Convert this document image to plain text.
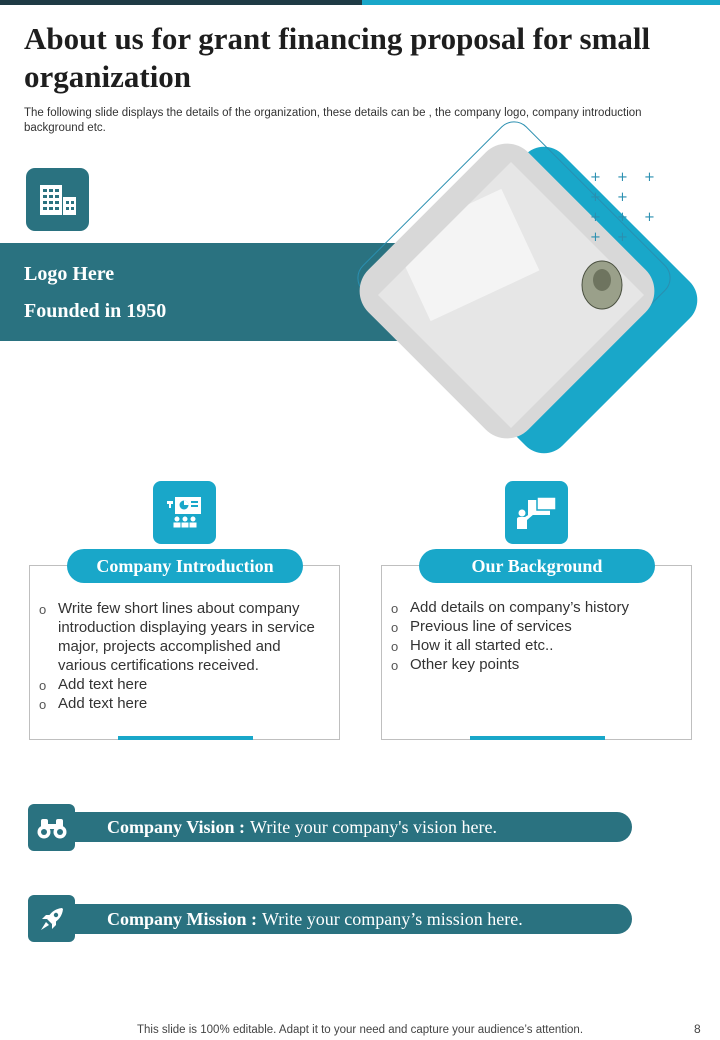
About us for grant financing proposal for small organization

The following slide displays the details of the organization, these details can be , the company logo, company introduction background etc.

Logo Here

Founded in 1950

+ + + + +
+ + + + +
Company Introduction
o Write few short lines about company introduction displaying years in service major, projects accomplished and various certifications received.
o Add text here
o Add text here
Our Background
o Add details on company’s history
o Previous line of services
o How it all started etc..
o Other key points
Company Vision : Write your company's vision here.
Company Mission : Write your company’s mission here.

This slide is 100% editable. Adapt it to your need and capture your audience’s attention.	8
